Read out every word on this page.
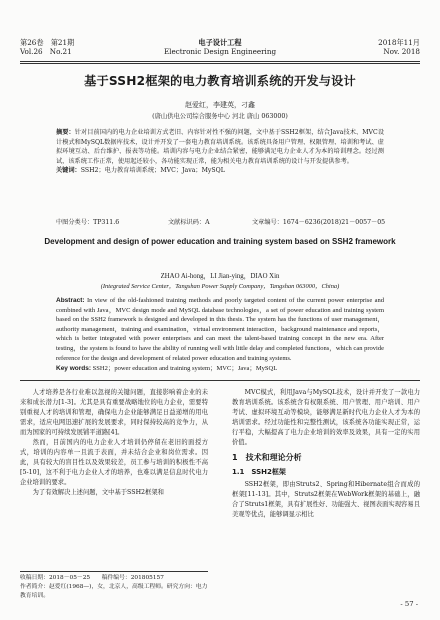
第26卷　第21期
Vol.26　No.21
电子设计工程
Electronic Design Engineering
2018年11月
Nov. 2018
基于SSH2框架的电力教育培训系统的开发与设计
赵爱红，李建英，刁鑫
(唐山供电公司综合服务中心 河北 唐山 063000)
摘要：针对目前国内的电力企业培训方式老旧、内容针对性不强的问题，文中基于SSH2框架，结合Java技术、MVC设计模式和MySQL数据库技术，设计并开发了一套电力教育培训系统。该系统具备用户管理、权限管理、培训和考试、虚拟环境互动、后台维护、报表等功能。培训内容与电力企业结合紧密，能够满足电力企业人才为本的培训理念。经过测试，该系统工作正常，使用起还较小，各功能实现正常，能为相关电力教育培训系统的设计与开发提供参考。
关键词：SSH2；电力教育培训系统；MVC；Java；MySQL
中图分类号：TP311.6	文献标识码：A	文章编号：1674－6236(2018)21－0057－05
Development and design of power education and training system based on SSH2 framework
ZHAO Ai-hong，LI Jian-ying，DIAO Xin
(Integrated Service Center，Tangshan Power Supply Company，Tangshan 063000，China)
Abstract: In view of the old-fashioned training methods and poorly targeted content of the current power enterprise and combined with Java，MVC design mode and MySQL database technologies，a set of power education and training system based on the SSH2 framework is designed and developed in this thesis. The system has the functions of user management，authority management，training and examination，virtual environment interaction，background maintenance and reports，which is better integrated with power enterprises and can meet the talent-based training concept in the new era. After testing，the system is found to have the ability of running well with little delay and completed functions，which can provide reference for the design and development of related power education and training systems.
Key words: SSH2；power education and training system；MVC；Java；MySQL

人才培养是各行业难以忽视的关键问题，直接影响着企业的未来和成长潜力[1-3]。尤其是具有重要战略地位的电力企业，需要特别重视人才的培训和管理，确保电力企业能够满足日益递增的用电需求，适应电网迅速扩展的发展要求，同时保持较高的竞争力，从而为国家的可持续发展铺平道路[4]。

然而，目前国内的电力企业人才培训仍停留在老旧的面授方式，培训的内容单一且流于表面，并未结合企业和岗位需求。因此，具有较大的盲目性以及效果较差，员工参与培训的积极性不高[5-10]，这不利于电力企业人才的培养，也难以满足信息时代电力企业培训的要求。

为了有效解决上述问题，文中基于SSH2框架和

收稿日期：2018－05－25　　 稿件编号：201805157
作者简介：赵爱红(1968—)，女，北京人，高级工程师。研究方向：电力教育培训。

MVC模式，利用Java与MySQL技术，设计并开发了一款电力教育培训系统。该系统含有权限系统、用户管理、用户培训、用户考试、虚拟环境互动等模块，能够满足新时代电力企业人才为本的培训需求。经过功能性和完整性测试，该系统各功能实现正常，运行平稳，大幅提高了电力企业培训的效率及效果，具有一定的实用价值。

1　技术和理论分析
1.1　SSH2框架

SSH2框架，即由Struts2、Spring和Hibernate组合而成的框架[11-13]。其中，Struts2框架在WebWork框架的基础上，融合了Struts1框架，具有扩展性好、功能强大、视图表面实现容易且美观等优点，能够调显示相比

- 57 -
